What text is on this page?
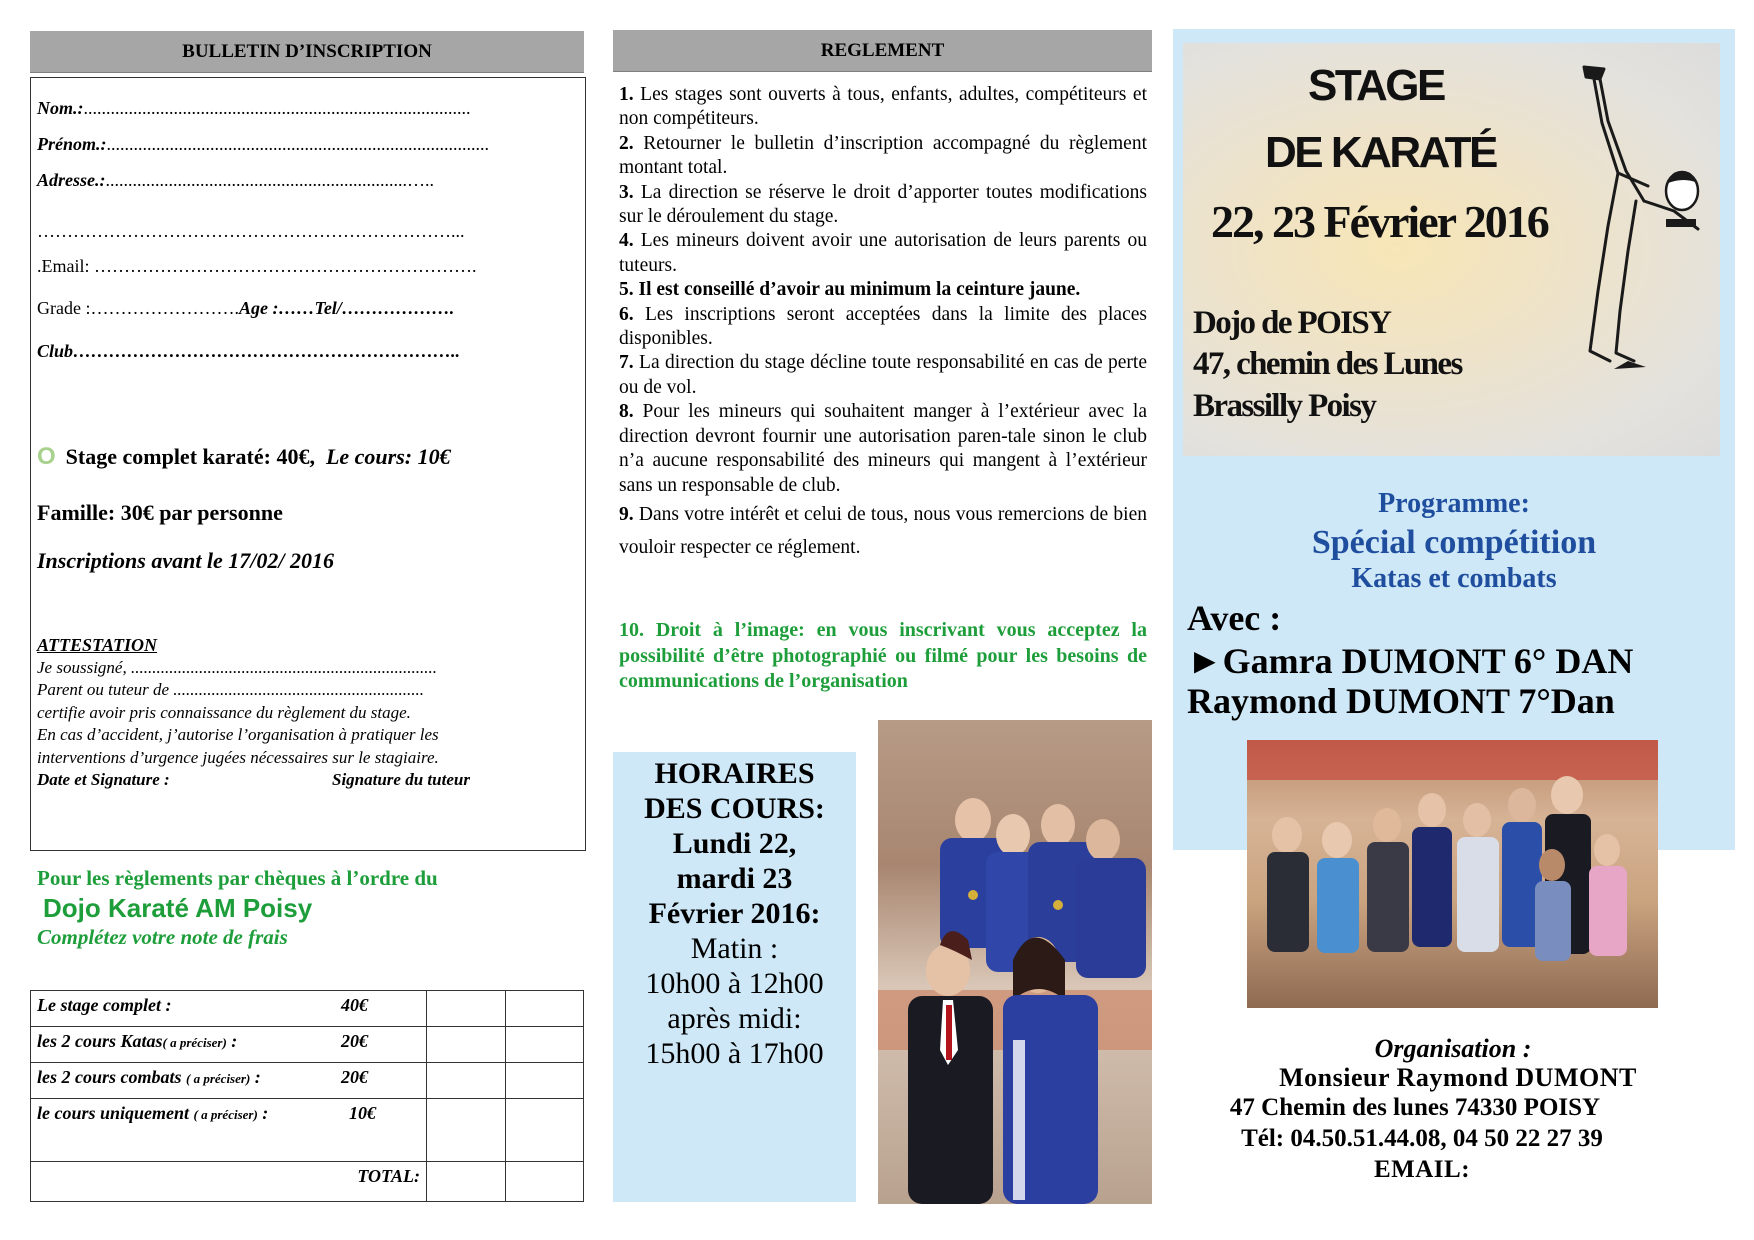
BULLETIN D’INSCRIPTION
Nom.:......................................................................................
Prénom.:.....................................................................................
Adresse.:...................................................................…..
……………………………………………………………...
.Email: ……………………………………………………….
Grade :…………………….Age :……Tel/……………….
Club………………………………………………………..
O Stage complet karaté: 40€, Le cours: 10€
Famille: 30€ par personne
Inscriptions avant le 17/02/ 2016
ATTESTATION
Je soussigné, ........................................................................
Parent ou tuteur de ...........................................................
certifie avoir pris connaissance du règlement du stage.
En cas d’accident, j’autorise l’organisation à pratiquer les
interventions d’urgence jugées nécessaires sur le stagiaire.
Date et Signature :	Signature du tuteur
Pour les règlements par chèques à l’ordre du
Dojo Karaté AM Poisy
Complétez votre note de frais
Le stage complet : 40€		

les 2 cours Katas( a préciser) : 20€		

les 2 cours combats ( a préciser) : 20€		

le cours uniquement ( a préciser) : 10€		

TOTAL:		
REGLEMENT

1. Les stages sont ouverts à tous, enfants, adultes, compétiteurs et non compétiteurs.

2. Retourner le bulletin d’inscription accompagné du règlement montant total.

3. La direction se réserve le droit d’apporter toutes modifications sur le déroulement du stage.

4. Les mineurs doivent avoir une autorisation de leurs parents ou tuteurs.

5. Il est conseillé d’avoir au minimum la ceinture jaune.

6. Les inscriptions seront acceptées dans la limite des places disponibles.

7. La direction du stage décline toute responsabilité en cas de perte ou de vol.

8. Pour les mineurs qui souhaitent manger à l’extérieur avec la direction devront fournir une autorisation paren-tale sinon le club n’a aucune responsabilité des mineurs qui mangent à l’extérieur sans un responsable de club.

9. Dans votre intérêt et celui de tous, nous vous remercions de bien vouloir respecter ce réglement.

10. Droit à l’image: en vous inscrivant vous acceptez la possibilité d’être photographié ou filmé pour les besoins de communications de l’organisation
HORAIRES
DES COURS:
Lundi 22,
mardi 23
Février 2016:
Matin :
10h00 à 12h00
après midi:
15h00 à 17h00
STAGE
DE KARATÉ
22, 23 Février 2016
Dojo de POISY
47, chemin des Lunes
Brassilly Poisy
Programme:
Spécial compétition
Katas et combats
Avec :
►Gamra DUMONT 6° DAN
Raymond DUMONT 7°Dan
Organisation :
Monsieur Raymond DUMONT
47 Chemin des lunes 74330 POISY
Tél: 04.50.51.44.08, 04 50 22 27 39
EMAIL:
